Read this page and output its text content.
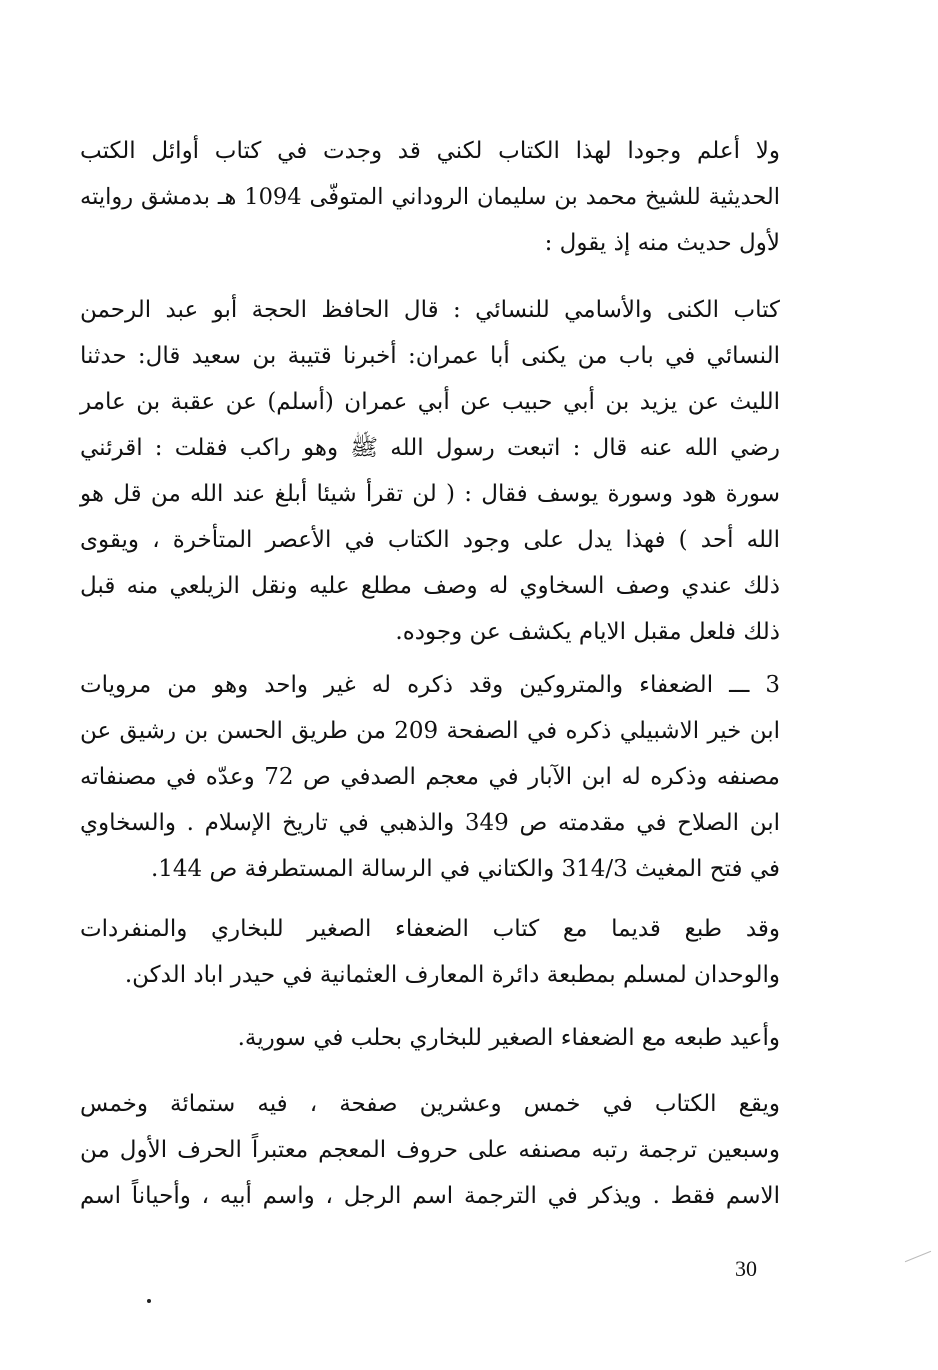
ولا أعلم وجودا لهذا الكتاب لكني قد وجدت في كتاب أوائل الكتب
الحديثية للشيخ محمد بن سليمان الروداني المتوفّى 1094 هـ بدمشق روايته
لأول حديث منه إذ يقول :
كتاب الكنى والأسامي للنسائي : قال الحافظ الحجة أبو عبد الرحمن
النسائي في باب من يكنى أبا عمران: أخبرنا قتيبة بن سعيد قال: حدثنا
الليث عن يزيد بن أبي حبيب عن أبي عمران (أسلم) عن عقبة بن عامر
رضي الله عنه قال : اتبعت رسول الله ﷺ وهو راكب فقلت : اقرئني
سورة هود وسورة يوسف فقال : ( لن تقرأ شيئا أبلغ عند الله من قل هو
الله أحد ) فهذا يدل على وجود الكتاب في الأعصر المتأخرة ، ويقوى
ذلك عندي وصف السخاوي له وصف مطلع عليه ونقل الزيلعي منه قبل
ذلك فلعل مقبل الايام يكشف عن وجوده.
3 ـــ الضعفاء والمتروكين وقد ذكره له غير واحد وهو من مرويات
ابن خير الاشبيلي ذكره في الصفحة 209 من طريق الحسن بن رشيق عن
مصنفه وذكره له ابن الآبار في معجم الصدفي ص 72 وعدّه في مصنفاته
ابن الصلاح في مقدمته ص 349 والذهبي في تاريخ الإسلام . والسخاوي
في فتح المغيث 314/3 والكتاني في الرسالة المستطرفة ص 144.
وقد طبع قديما مع كتاب الضعفاء الصغير للبخاري والمنفردات
والوحدان لمسلم بمطبعة دائرة المعارف العثمانية في حيدر اباد الدكن.
وأعيد طبعه مع الضعفاء الصغير للبخاري بحلب في سورية.
ويقع الكتاب في خمس وعشرين صفحة ، فيه ستمائة وخمس
وسبعين ترجمة رتبه مصنفه على حروف المعجم معتبراً الحرف الأول من
الاسم فقط . ويذكر في الترجمة اسم الرجل ، واسم أبيه ، وأحياناً اسم
30
